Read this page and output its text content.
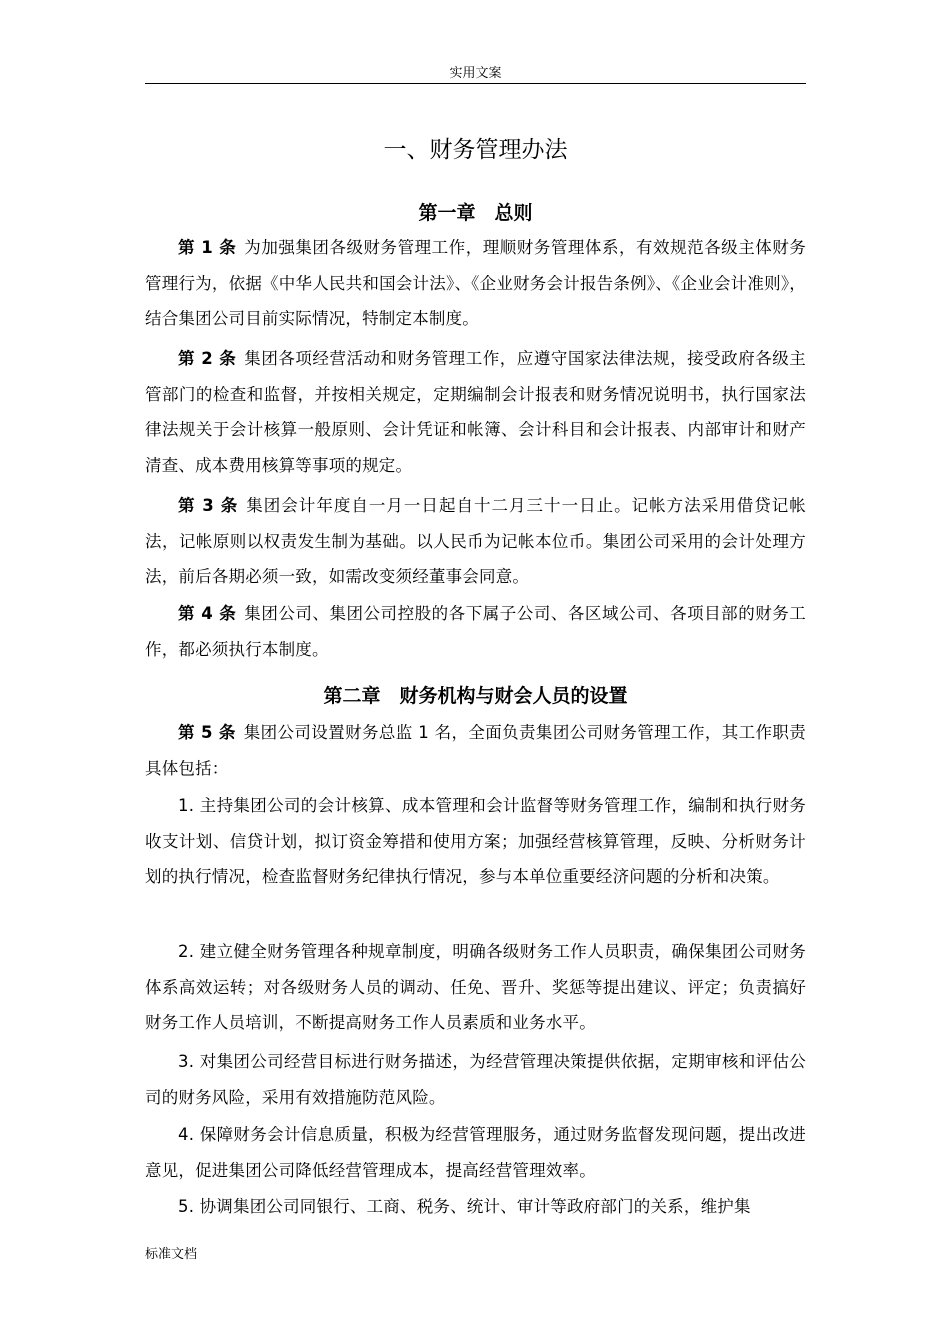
实用文案
一、财务管理办法
第一章　总则
第 1 条 为加强集团各级财务管理工作，理顺财务管理体系，有效规范各级主体财务管理行为，依据《中华人民共和国会计法》、《企业财务会计报告条例》、《企业会计准则》，结合集团公司目前实际情况，特制定本制度。
第 2 条 集团各项经营活动和财务管理工作，应遵守国家法律法规，接受政府各级主管部门的检查和监督，并按相关规定，定期编制会计报表和财务情况说明书，执行国家法律法规关于会计核算一般原则、会计凭证和帐簿、会计科目和会计报表、内部审计和财产清查、成本费用核算等事项的规定。
第 3 条 集团会计年度自一月一日起自十二月三十一日止。记帐方法采用借贷记帐法，记帐原则以权责发生制为基础。以人民币为记帐本位币。集团公司采用的会计处理方法，前后各期必须一致，如需改变须经董事会同意。
第 4 条 集团公司、集团公司控股的各下属子公司、各区域公司、各项目部的财务工作，都必须执行本制度。
第二章　财务机构与财会人员的设置
第 5 条 集团公司设置财务总监 1 名，全面负责集团公司财务管理工作，其工作职责具体包括：
1. 主持集团公司的会计核算、成本管理和会计监督等财务管理工作，编制和执行财务收支计划、信贷计划，拟订资金筹措和使用方案；加强经营核算管理，反映、分析财务计划的执行情况，检查监督财务纪律执行情况，参与本单位重要经济问题的分析和决策。
2. 建立健全财务管理各种规章制度，明确各级财务工作人员职责，确保集团公司财务体系高效运转；对各级财务人员的调动、任免、晋升、奖惩等提出建议、评定；负责搞好财务工作人员培训，不断提高财务工作人员素质和业务水平。
3. 对集团公司经营目标进行财务描述，为经营管理决策提供依据，定期审核和评估公司的财务风险，采用有效措施防范风险。
4. 保障财务会计信息质量，积极为经营管理服务，通过财务监督发现问题，提出改进意见，促进集团公司降低经营管理成本，提高经营管理效率。
5. 协调集团公司同银行、工商、税务、统计、审计等政府部门的关系，维护集
标准文档
